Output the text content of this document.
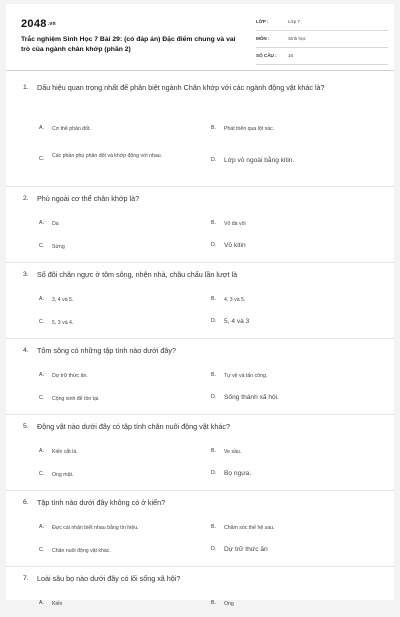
2048.vn
Trắc nghiệm Sinh Học 7 Bài 29: (có đáp án) Đặc điểm chung và vai trò của ngành chân khớp (phần 2)
LỚP :	Lớp 7
MÔN :	Sinh học
SỐ CÂU : 16
1. Dấu hiệu quan trọng nhất để phân biệt ngành Chân khớp với các ngành động vật khác là?
A. Cơ thể phân đốt.	B. Phát triển qua lột xác.
C. Các phần phụ phân đốt và khớp động với nhau.
D. Lớp vỏ ngoài bằng kitin.
2. Phủ ngoài cơ thể chân khớp là?
A. Da	B. Vỏ đá vôi
C. Sừng	D. Vỏ kitin
3. Số đôi chân ngực ở tôm sông, nhện nhà, châu chấu lần lượt là
A. 3, 4 và 5.	B. 4, 3 và 5.
C. 5, 3 và 4.	D. 5, 4 và 3
4. Tôm sông có những tập tính nào dưới đây?
A. Dự trữ thức ăn.	B. Tự vệ và tấn công.
C. Cộng sinh để tồn tại.	D. Sống thành xã hội.
5. Động vật nào dưới đây có tập tính chăn nuôi động vật khác?
A. Kiến cắt lá.	B. Ve sầu.
C. Ong mật.	D. Bọ ngựa.
6. Tập tính nào dưới đây không có ở kiến?
A. Đực cái nhận biết nhau bằng tín hiệu.	B. Chăm sóc thế hệ sau.
C. Chăn nuôi động vật khác.	D. Dự trữ thức ăn
7. Loài sâu bọ nào dưới đây có lối sống xã hội?
A. Kiến	B. Ong
